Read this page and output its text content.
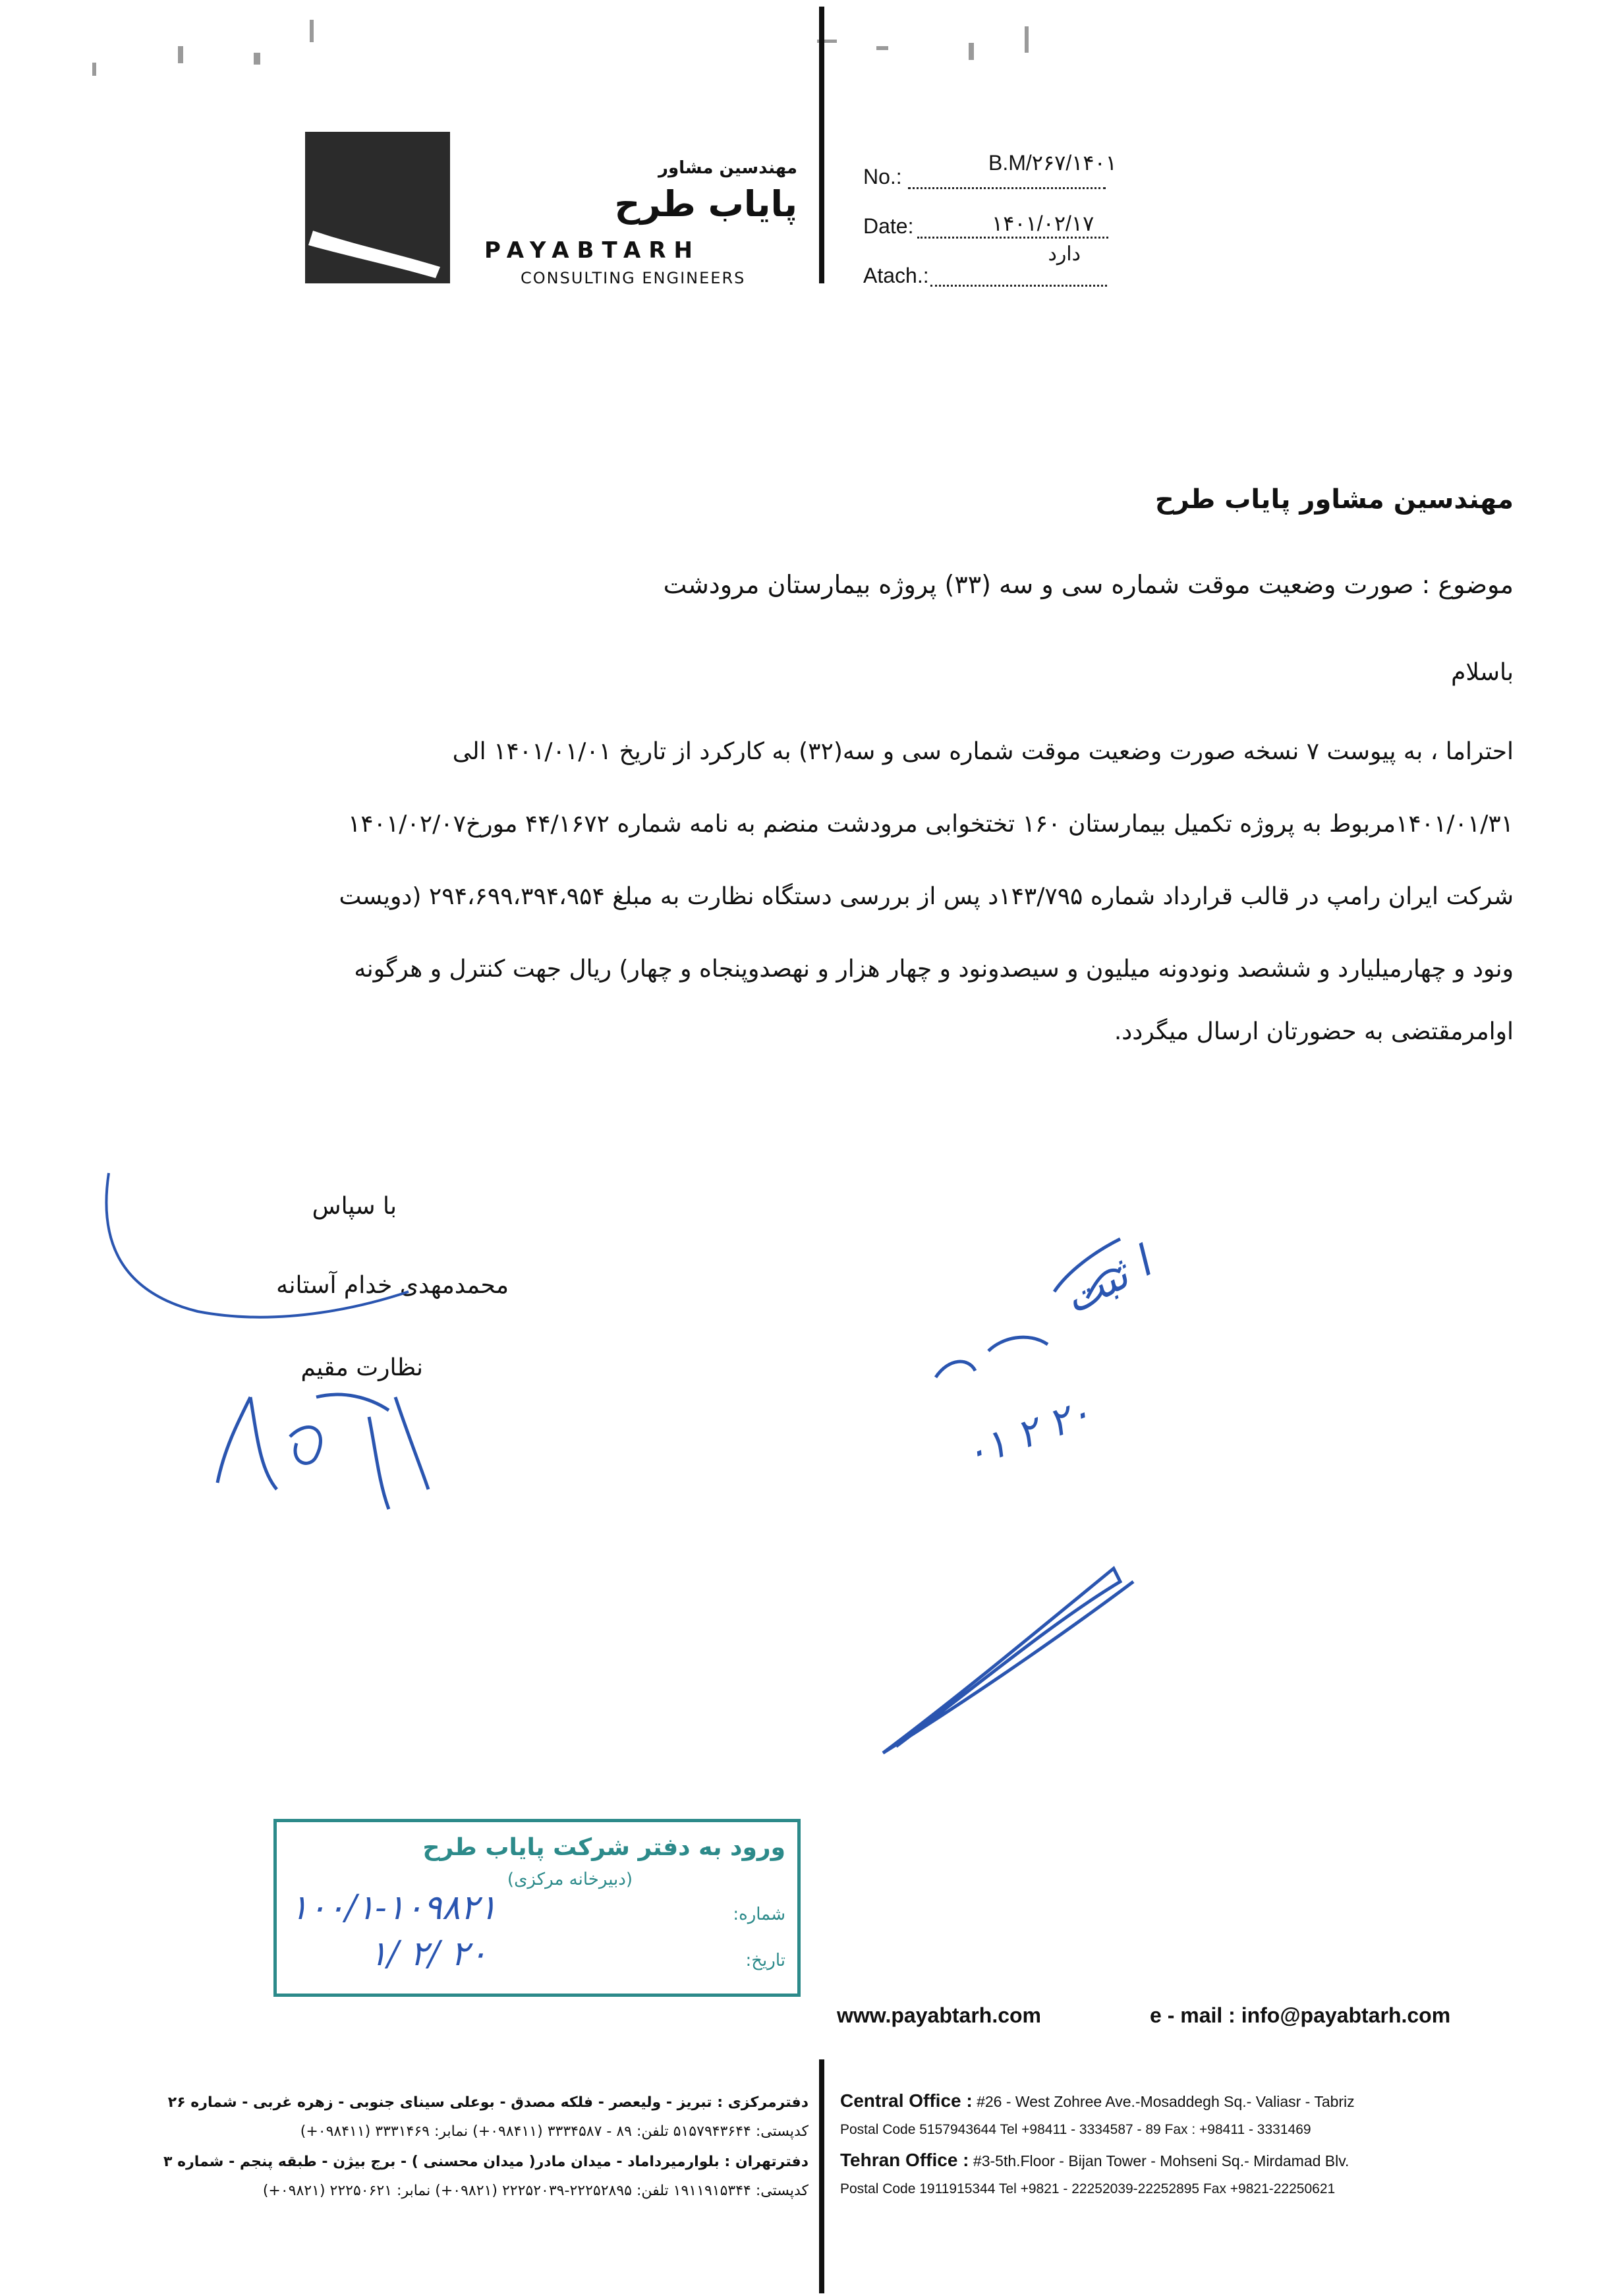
مهندسین مشاور
پایاب طرح
PAYABTARH
CONSULTING ENGINEERS
No.:
B.M/۲۶۷/۱۴۰۱
Date:	۱۴۰۱/۰۲/۱۷
دارد
Atach.:
مهندسین مشاور پایاب طرح
موضوع : صورت وضعیت موقت شماره سی و سه (۳۳) پروژه بیمارستان مرودشت
باسلام
احتراما ، به پیوست ۷ نسخه صورت وضعیت موقت شماره سی و سه(۳۲) به کارکرد از تاریخ ۱۴۰۱/۰۱/۰۱ الی
۱۴۰۱/۰۱/۳۱مربوط به پروژه تکمیل بیمارستان ۱۶۰ تختخوابی مرودشت منضم به نامه شماره ۴۴/۱۶۷۲ مورخ۱۴۰۱/۰۲/۰۷
شرکت ایران رامپ در قالب قرارداد شماره ۱۴۳/۷۹۵د پس از بررسی دستگاه نظارت به مبلغ ۲۹۴،۶۹۹،۳۹۴،۹۵۴ (دویست
ونود و چهارمیلیارد و ششصد ونودونه میلیون و سیصدونود و چهار هزار و نهصدوپنجاه و چهار) ریال جهت کنترل و هرگونه
اوامرمقتضی به حضورتان ارسال میگردد.
با سپاس
محمدمهدی خدام آستانه
نظارت مقیم
ا ثبت
۰۱ ۲ ۲۰
ورود به دفتر شرکت پایاب طرح
(دبیرخانه مرکزی)
شماره:
۱۰۰/۱-۱۰۹۸۲۱
تاریخ:
۱/ ۲/ ۲۰
www.payabtarh.com	e - mail : info@payabtarh.com
دفترمرکزی : تبریز - ولیعصر - فلکه مصدق - بوعلی سینای جنوبی - زهره غربی - شماره ۲۶
کدپستی: ۵۱۵۷۹۴۳۶۴۴ تلفن: ۸۹ - ۳۳۳۴۵۸۷ (۰۹۸۴۱۱+) نمابر: ۳۳۳۱۴۶۹ (۰۹۸۴۱۱+)
دفترتهران : بلوارمیرداماد - میدان مادر( میدان محسنی ) - برج بیژن - طبقه پنجم - شماره ۳
کدپستی: ۱۹۱۱۹۱۵۳۴۴ تلفن: ۲۲۲۵۲۸۹۵-۲۲۲۵۲۰۳۹ (۰۹۸۲۱+) نمابر: ۲۲۲۵۰۶۲۱ (۰۹۸۲۱+)
Central Office : #26 - West Zohree Ave.-Mosaddegh Sq.- Valiasr - Tabriz
Postal Code 5157943644 Tel +98411 - 3334587 - 89 Fax : +98411 - 3331469
Tehran Office : #3-5th.Floor - Bijan Tower - Mohseni Sq.- Mirdamad Blv.
Postal Code 1911915344 Tel +9821 - 22252039-22252895 Fax +9821-22250621
